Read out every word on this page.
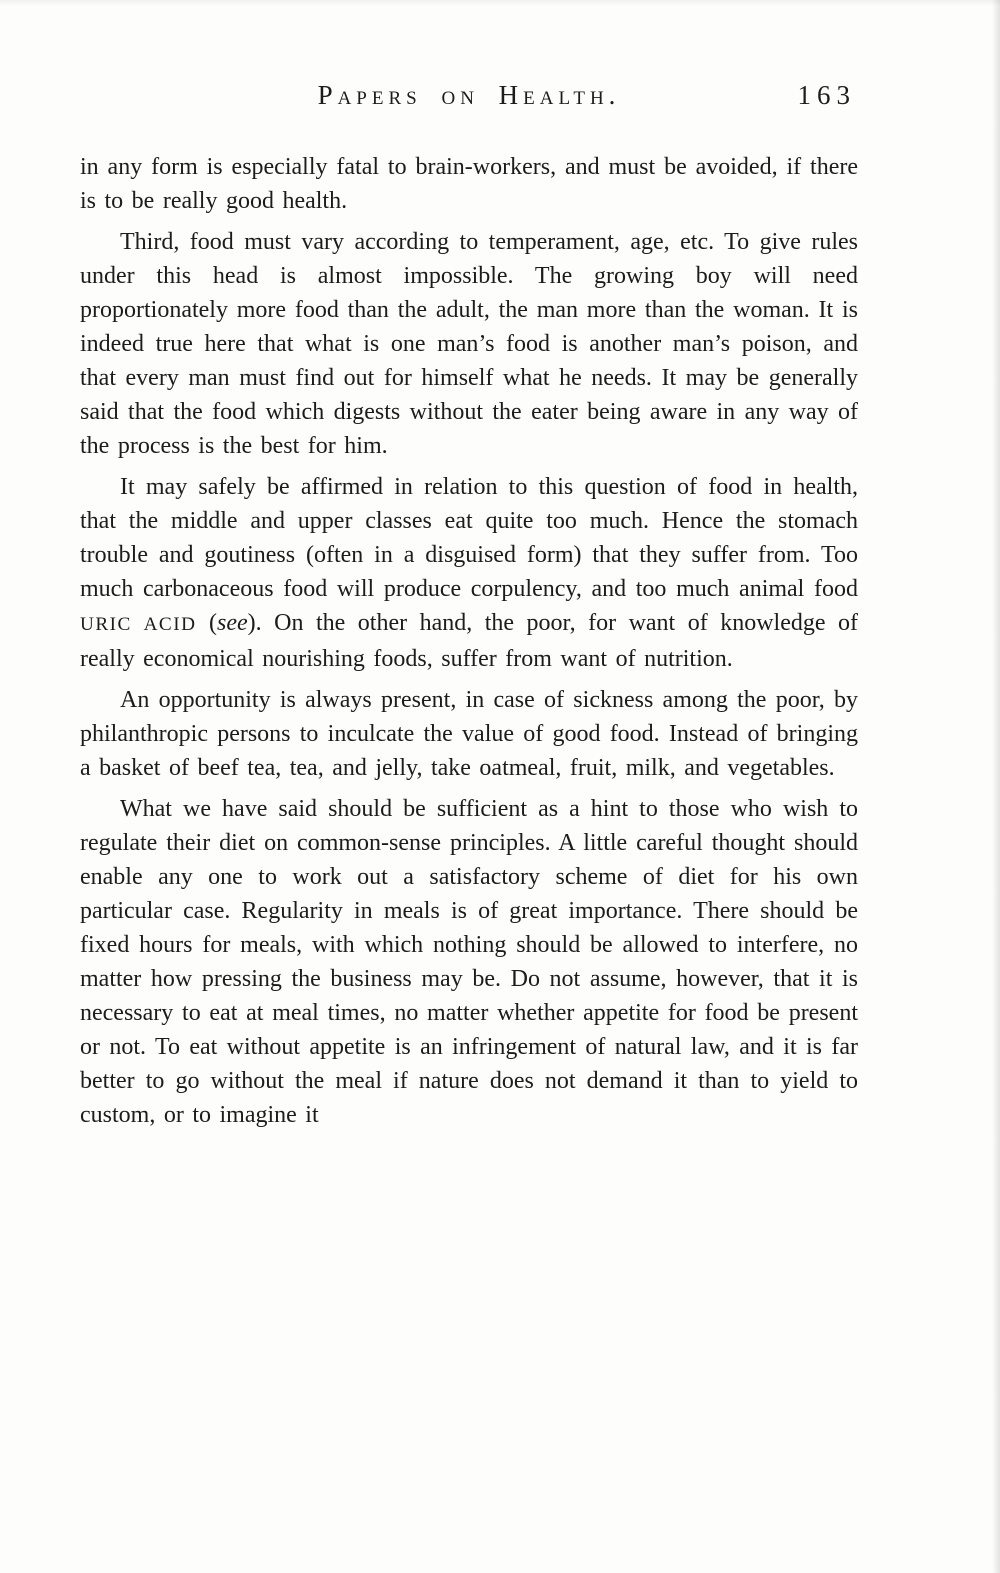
Papers on Health.	163

in any form is especially fatal to brain-workers, and must be avoided, if there is to be really good health.

Third, food must vary according to temperament, age, etc. To give rules under this head is almost impossible. The growing boy will need proportionately more food than the adult, the man more than the woman. It is indeed true here that what is one man’s food is another man’s poison, and that every man must find out for himself what he needs. It may be generally said that the food which digests without the eater being aware in any way of the process is the best for him.

It may safely be affirmed in relation to this question of food in health, that the middle and upper classes eat quite too much. Hence the stomach trouble and goutiness (often in a disguised form) that they suffer from. Too much carbonaceous food will produce corpulency, and too much animal food URIC ACID (see). On the other hand, the poor, for want of knowledge of really economical nourishing foods, suffer from want of nutrition.

An opportunity is always present, in case of sickness among the poor, by philanthropic persons to inculcate the value of good food. Instead of bringing a basket of beef tea, tea, and jelly, take oatmeal, fruit, milk, and vegetables.

What we have said should be sufficient as a hint to those who wish to regulate their diet on common-sense principles. A little careful thought should enable any one to work out a satisfactory scheme of diet for his own particular case. Regularity in meals is of great importance. There should be fixed hours for meals, with which nothing should be allowed to interfere, no matter how pressing the business may be. Do not assume, however, that it is necessary to eat at meal times, no matter whether appetite for food be present or not. To eat without appetite is an infringement of natural law, and it is far better to go without the meal if nature does not demand it than to yield to custom, or to imagine it
